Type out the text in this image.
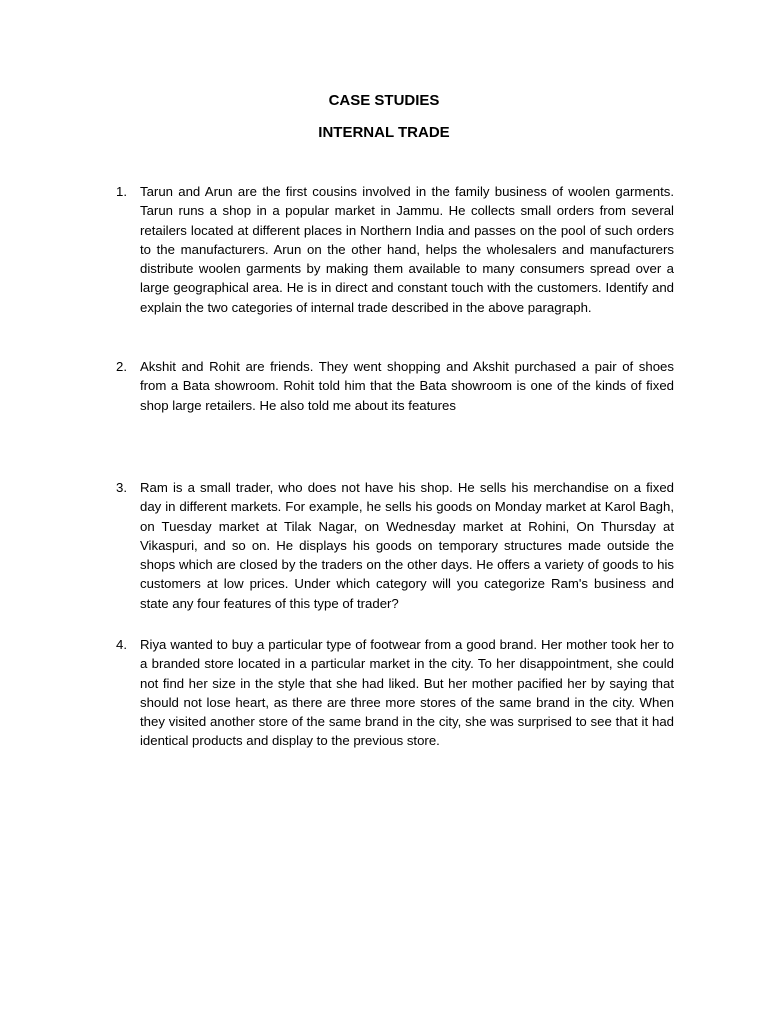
CASE STUDIES
INTERNAL TRADE
1. Tarun and Arun are the first cousins involved in the family business of woolen garments. Tarun runs a shop in a popular market in Jammu. He collects small orders from several retailers located at different places in Northern India and passes on the pool of such orders to the manufacturers. Arun on the other hand, helps the wholesalers and manufacturers distribute woolen garments by making them available to many consumers spread over a large geographical area. He is in direct and constant touch with the customers. Identify and explain the two categories of internal trade described in the above paragraph.

2. Akshit and Rohit are friends. They went shopping and Akshit purchased a pair of shoes from a Bata showroom. Rohit told him that the Bata showroom is one of the kinds of fixed shop large retailers. He also told me about its features

3. Ram is a small trader, who does not have his shop. He sells his merchandise on a fixed day in different markets. For example, he sells his goods on Monday market at Karol Bagh, on Tuesday market at Tilak Nagar, on Wednesday market at Rohini, On Thursday at Vikaspuri, and so on. He displays his goods on temporary structures made outside the shops which are closed by the traders on the other days. He offers a variety of goods to his customers at low prices. Under which category will you categorize Ram's business and state any four features of this type of trader?

4. Riya wanted to buy a particular type of footwear from a good brand. Her mother took her to a branded store located in a particular market in the city. To her disappointment, she could not find her size in the style that she had liked. But her mother pacified her by saying that should not lose heart, as there are three more stores of the same brand in the city. When they visited another store of the same brand in the city, she was surprised to see that it had identical products and display to the previous store.
